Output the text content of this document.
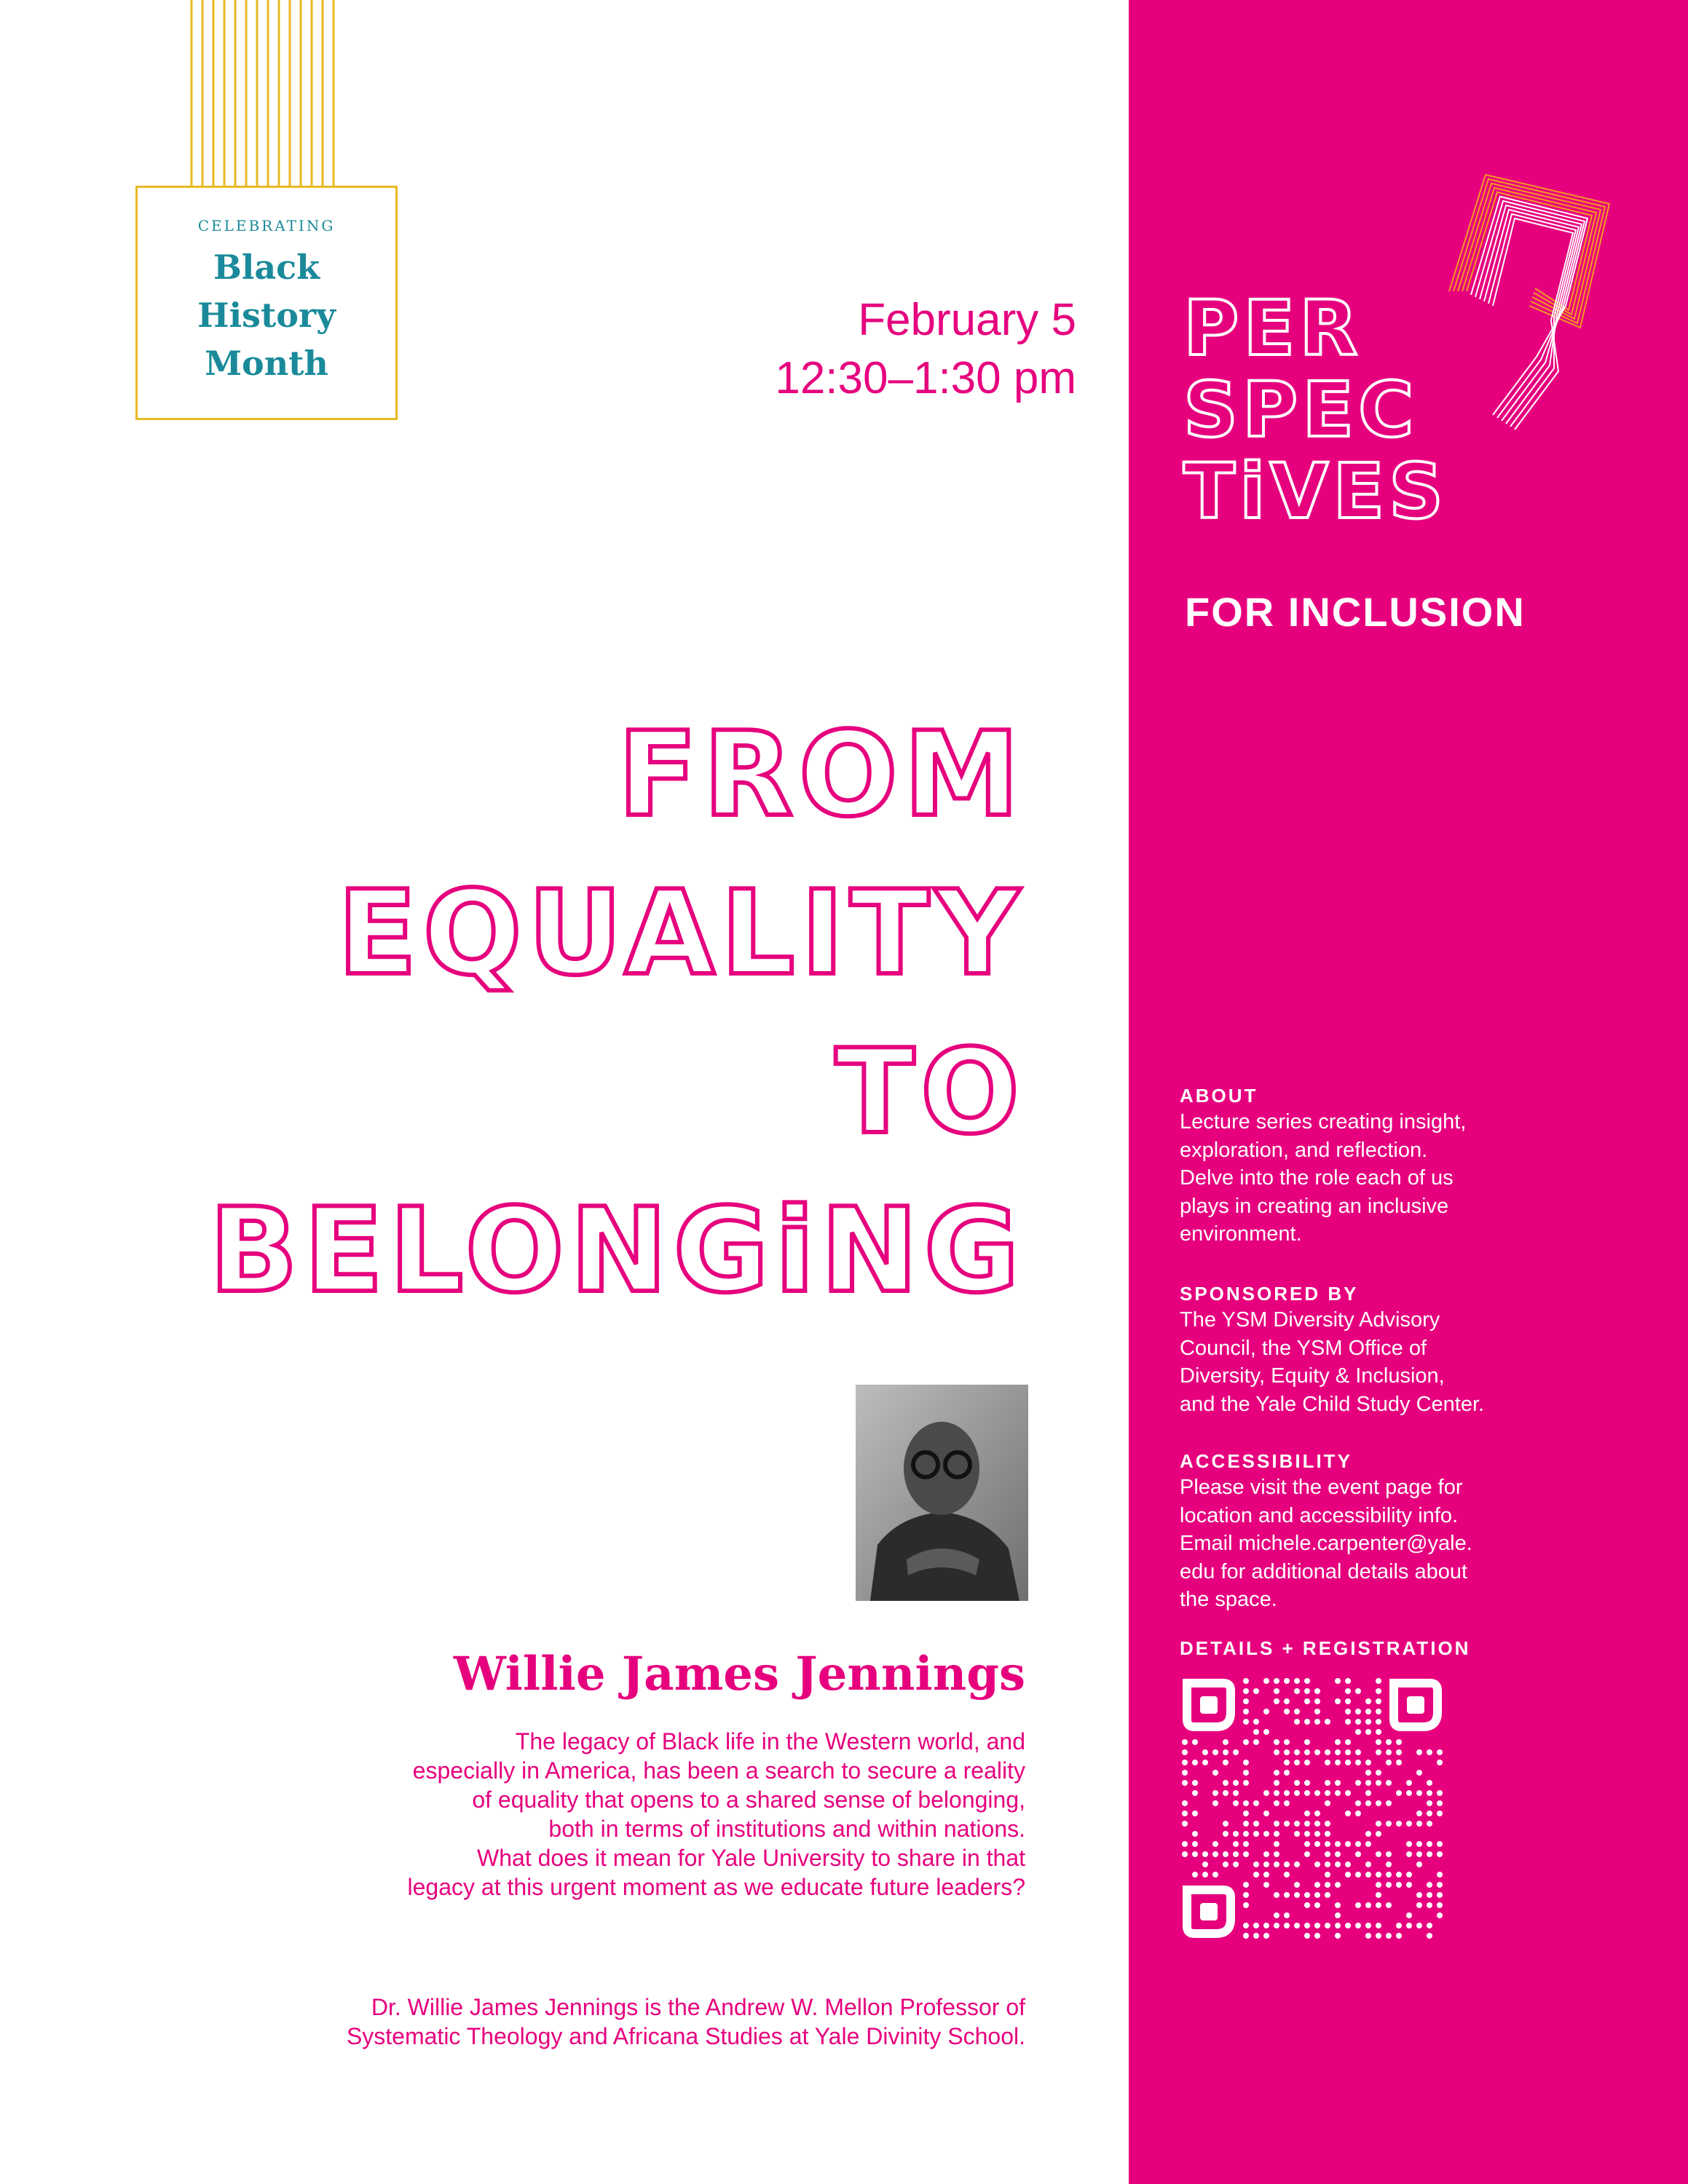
CELEBRATING
Black
History
Month
February 5
12:30–1:30 pm
FROM
EQUALITY
TO
BELONGiNG
Willie James Jennings
The legacy of Black life in the Western world, and
especially in America, has been a search to secure a reality
of equality that opens to a shared sense of belonging,
both in terms of institutions and within nations.
What does it mean for Yale University to share in that
legacy at this urgent moment as we educate future leaders?
Dr. Willie James Jennings is the Andrew W. Mellon Professor of
Systematic Theology and Africana Studies at Yale Divinity School.
PER
SPEC
TiVES
FOR INCLUSION
ABOUT
Lecture series creating insight,
exploration, and reflection.
Delve into the role each of us
plays in creating an inclusive
environment.
SPONSORED BY
The YSM Diversity Advisory
Council, the YSM Office of
Diversity, Equity & Inclusion,
and the Yale Child Study Center.
ACCESSIBILITY
Please visit the event page for
location and accessibility info.
Email michele.carpenter@yale.
edu for additional details about
the space.
DETAILS + REGISTRATION
